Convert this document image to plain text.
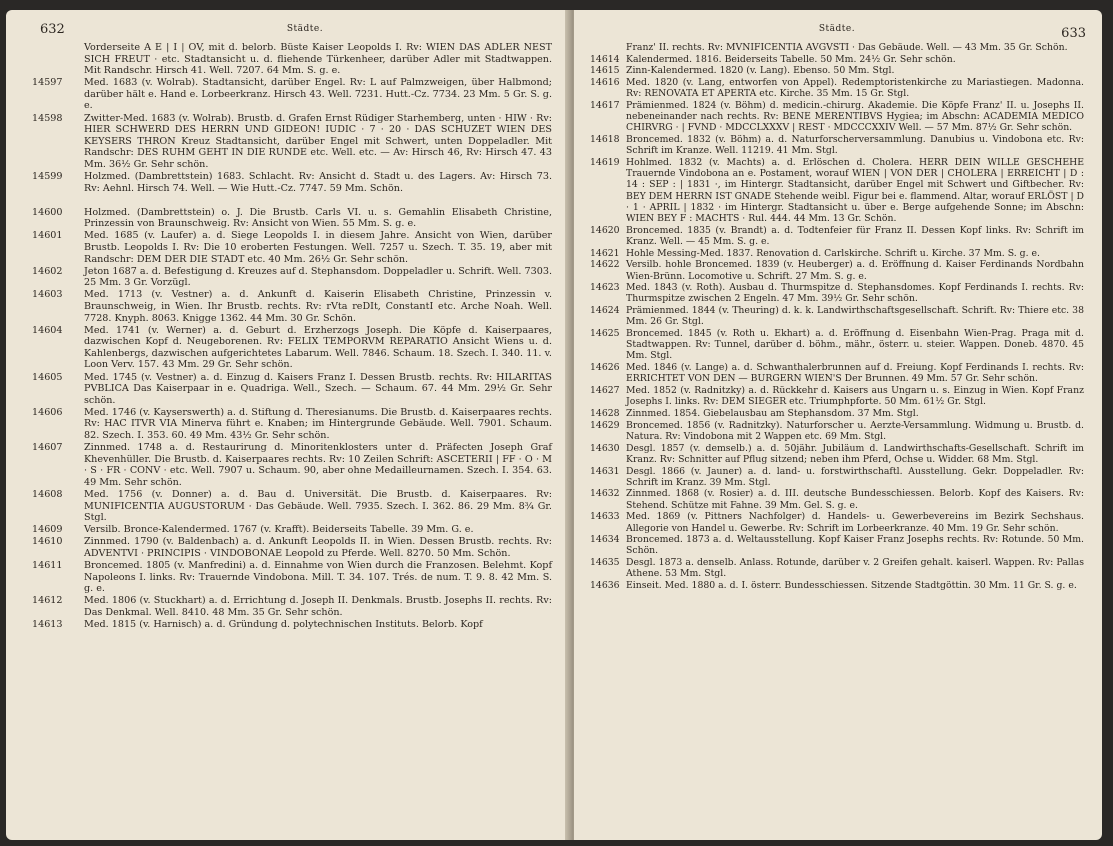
632	Städte.
Vorderseite A E | I | OV, mit d. belorb. Büste Kaiser Leopolds I. Rv: WIEN DAS ADLER NEST SICH FREUT · etc. Stadtansicht u. d. fliehende Türkenheer, darüber Adler mit Stadtwappen. Mit Randschr. Hirsch 41. Well. 7207. 64 Mm. S. g. e.
14597	Med. 1683 (v. Wolrab). Stadtansicht, darüber Engel. Rv: L auf Palmzweigen, über Halbmond; darüber hält e. Hand e. Lorbeerkranz. Hirsch 43. Well. 7231. Hutt.-Cz. 7734. 23 Mm. 5 Gr. S. g. e.
14598	Zwitter-Med. 1683 (v. Wolrab). Brustb. d. Grafen Ernst Rüdiger Starhemberg, unten · HIW · Rv: HIER SCHWERD DES HERRN UND GIDEON! IUDIC · 7 · 20 · DAS SCHUZET WIEN DES KEYSERS THRON Kreuz Stadtansicht, darüber Engel mit Schwert, unten Doppeladler. Mit Randschr: DES RUHM GEHT IN DIE RUNDE etc. Well. etc. — Av: Hirsch 46, Rv: Hirsch 47. 43 Mm. 36½ Gr. Sehr schön.
14599	Holzmed. (Dambrettstein) 1683. Schlacht. Rv: Ansicht d. Stadt u. des Lagers. Av: Hirsch 73. Rv: Aehnl. Hirsch 74. Well. — Wie Hutt.-Cz. 7747. 59 Mm. Schön.
14600	Holzmed. (Dambrettstein) o. J. Die Brustb. Carls VI. u. s. Gemahlin Elisabeth Christine, Prinzessin von Braunschweig. Rv: Ansicht von Wien. 55 Mm. S. g. e.
14601	Med. 1685 (v. Laufer) a. d. Siege Leopolds I. in diesem Jahre. Ansicht von Wien, darüber Brustb. Leopolds I. Rv: Die 10 eroberten Festungen. Well. 7257 u. Szech. T. 35. 19, aber mit Randschr: DEM DER DIE STADT etc. 40 Mm. 26½ Gr. Sehr schön.
14602	Jeton 1687 a. d. Befestigung d. Kreuzes auf d. Stephansdom. Doppeladler u. Schrift. Well. 7303. 25 Mm. 3 Gr. Vorzügl.
14603	Med. 1713 (v. Vestner) a. d. Ankunft d. Kaiserin Elisabeth Christine, Prinzessin v. Braunschweig, in Wien. Ihr Brustb. rechts. Rv: rVta reDIt, ConstantI etc. Arche Noah. Well. 7728. Knyph. 8063. Knigge 1362. 44 Mm. 30 Gr. Schön.
14604	Med. 1741 (v. Werner) a. d. Geburt d. Erzherzogs Joseph. Die Köpfe d. Kaiserpaares, dazwischen Kopf d. Neugeborenen. Rv: FELIX TEMPORVM REPARATIO Ansicht Wiens u. d. Kahlenbergs, dazwischen aufgerichtetes Labarum. Well. 7846. Schaum. 18. Szech. I. 340. 11. v. Loon Verv. 157. 43 Mm. 29 Gr. Sehr schön.
14605	Med. 1745 (v. Vestner) a. d. Einzug d. Kaisers Franz I. Dessen Brustb. rechts. Rv: HILARITAS PVBLICA Das Kaiserpaar in e. Quadriga. Well., Szech. — Schaum. 67. 44 Mm. 29½ Gr. Sehr schön.
14606	Med. 1746 (v. Kayserswerth) a. d. Stiftung d. Theresianums. Die Brustb. d. Kaiserpaares rechts. Rv: HAC ITVR VIA Minerva führt e. Knaben; im Hintergrunde Gebäude. Well. 7901. Schaum. 82. Szech. I. 353. 60. 49 Mm. 43½ Gr. Sehr schön.
14607	Zinnmed. 1748 a. d. Restaurirung d. Minoritenklosters unter d. Präfecten Joseph Graf Khevenhüller. Die Brustb. d. Kaiserpaares rechts. Rv: 10 Zeilen Schrift: ASCETERII | FF · O · M · S · FR · CONV · etc. Well. 7907 u. Schaum. 90, aber ohne Medailleurnamen. Szech. I. 354. 63. 49 Mm. Sehr schön.
14608	Med. 1756 (v. Donner) a. d. Bau d. Universität. Die Brustb. d. Kaiserpaares. Rv: MUNIFICENTIA AUGUSTORUM · Das Gebäude. Well. 7935. Szech. I. 362. 86. 29 Mm. 8¾ Gr. Stgl.
14609	Versilb. Bronce-Kalendermed. 1767 (v. Krafft). Beiderseits Tabelle. 39 Mm. G. e.
14610	Zinnmed. 1790 (v. Baldenbach) a. d. Ankunft Leopolds II. in Wien. Dessen Brustb. rechts. Rv: ADVENTVI · PRINCIPIS · VINDOBONAE Leopold zu Pferde. Well. 8270. 50 Mm. Schön.
14611	Broncemed. 1805 (v. Manfredini) a. d. Einnahme von Wien durch die Franzosen. Belehmt. Kopf Napoleons I. links. Rv: Trauernde Vindobona. Mill. T. 34. 107. Trés. de num. T. 9. 8. 42 Mm. S. g. e.
14612	Med. 1806 (v. Stuckhart) a. d. Errichtung d. Joseph II. Denkmals. Brustb. Josephs II. rechts. Rv: Das Denkmal. Well. 8410. 48 Mm. 35 Gr. Sehr schön.
14613	Med. 1815 (v. Harnisch) a. d. Gründung d. polytechnischen Instituts. Belorb. Kopf
Städte.	633
Franz' II. rechts. Rv: MVNIFICENTIA AVGVSTI · Das Gebäude. Well. — 43 Mm. 35 Gr. Schön.
14614 Kalendermed. 1816. Beiderseits Tabelle. 50 Mm. 24½ Gr. Sehr schön.
14615 Zinn-Kalendermed. 1820 (v. Lang). Ebenso. 50 Mm. Stgl.
14616 Med. 1820 (v. Lang, entworfen von Appel). Redemptoristenkirche zu Mariastiegen. Madonna. Rv: RENOVATA ET APERTA etc. Kirche. 35 Mm. 15 Gr. Stgl.
14617 Prämienmed. 1824 (v. Böhm) d. medicin.-chirurg. Akademie. Die Köpfe Franz' II. u. Josephs II. nebeneinander nach rechts. Rv: BENE MERENTIBVS Hygiea; im Abschn: ACADEMIA MEDICO CHIRVRG · | FVND · MDCCLXXXV | REST · MDCCCXXIV Well. — 57 Mm. 87½ Gr. Sehr schön.
14618 Broncemed. 1832 (v. Böhm) a. d. Naturforscherversammlung. Danubius u. Vindobona etc. Rv: Schrift im Kranze. Well. 11219. 41 Mm. Stgl.
14619 Hohlmed. 1832 (v. Machts) a. d. Erlöschen d. Cholera. HERR DEIN WILLE GESCHEHE Trauernde Vindobona an e. Postament, worauf WIEN | VON DER | CHOLERA | ERREICHT | D : 14 : SEP : | 1831 ·, im Hintergr. Stadtansicht, darüber Engel mit Schwert und Giftbecher. Rv: BEY DEM HERRN IST GNADE Stehende weibl. Figur bei e. flammend. Altar, worauf ERLÖST | D · 1 · APRIL | 1832 · im Hintergr. Stadtansicht u. über e. Berge aufgehende Sonne; im Abschn: WIEN BEY F : MACHTS · Rul. 444. 44 Mm. 13 Gr. Schön.
14620 Broncemed. 1835 (v. Brandt) a. d. Todtenfeier für Franz II. Dessen Kopf links. Rv: Schrift im Kranz. Well. — 45 Mm. S. g. e.
14621 Hohle Messing-Med. 1837. Renovation d. Carlskirche. Schrift u. Kirche. 37 Mm. S. g. e.
14622 Versilb. hohle Broncemed. 1839 (v. Heuberger) a. d. Eröffnung d. Kaiser Ferdinands Nordbahn Wien-Brünn. Locomotive u. Schrift. 27 Mm. S. g. e.
14623 Med. 1843 (v. Roth). Ausbau d. Thurmspitze d. Stephansdomes. Kopf Ferdinands I. rechts. Rv: Thurmspitze zwischen 2 Engeln. 47 Mm. 39½ Gr. Sehr schön.
14624 Prämienmed. 1844 (v. Theuring) d. k. k. Landwirthschaftsgesellschaft. Schrift. Rv: Thiere etc. 38 Mm. 26 Gr. Stgl.
14625 Broncemed. 1845 (v. Roth u. Ekhart) a. d. Eröffnung d. Eisenbahn Wien-Prag. Praga mit d. Stadtwappen. Rv: Tunnel, darüber d. böhm., mähr., österr. u. steier. Wappen. Doneb. 4870. 45 Mm. Stgl.
14626 Med. 1846 (v. Lange) a. d. Schwanthalerbrunnen auf d. Freiung. Kopf Ferdinands I. rechts. Rv: ERRICHTET VON DEN — BURGERN WIEN'S Der Brunnen. 49 Mm. 57 Gr. Sehr schön.
14627 Med. 1852 (v. Radnitzky) a. d. Rückkehr d. Kaisers aus Ungarn u. s. Einzug in Wien. Kopf Franz Josephs I. links. Rv: DEM SIEGER etc. Triumphpforte. 50 Mm. 61½ Gr. Stgl.
14628 Zinnmed. 1854. Giebelausbau am Stephansdom. 37 Mm. Stgl.
14629 Broncemed. 1856 (v. Radnitzky). Naturforscher u. Aerzte-Versammlung. Widmung u. Brustb. d. Natura. Rv: Vindobona mit 2 Wappen etc. 69 Mm. Stgl.
14630 Desgl. 1857 (v. demselb.) a. d. 50jähr. Jubiläum d. Landwirthschafts-Gesellschaft. Schrift im Kranz. Rv: Schnitter auf Pflug sitzend; neben ihm Pferd, Ochse u. Widder. 68 Mm. Stgl.
14631 Desgl. 1866 (v. Jauner) a. d. land- u. forstwirthschaftl. Ausstellung. Gekr. Doppeladler. Rv: Schrift im Kranz. 39 Mm. Stgl.
14632 Zinnmed. 1868 (v. Rosier) a. d. III. deutsche Bundesschiessen. Belorb. Kopf des Kaisers. Rv: Stehend. Schütze mit Fahne. 39 Mm. Gel. S. g. e.
14633 Med. 1869 (v. Pittners Nachfolger) d. Handels- u. Gewerbevereins im Bezirk Sechshaus. Allegorie von Handel u. Gewerbe. Rv: Schrift im Lorbeerkranze. 40 Mm. 19 Gr. Sehr schön.
14634 Broncemed. 1873 a. d. Weltausstellung. Kopf Kaiser Franz Josephs rechts. Rv: Rotunde. 50 Mm. Schön.
14635 Desgl. 1873 a. denselb. Anlass. Rotunde, darüber v. 2 Greifen gehalt. kaiserl. Wappen. Rv: Pallas Athene. 53 Mm. Stgl.
14636 Einseit. Med. 1880 a. d. I. österr. Bundesschiessen. Sitzende Stadtgöttin. 30 Mm. 11 Gr. S. g. e.
